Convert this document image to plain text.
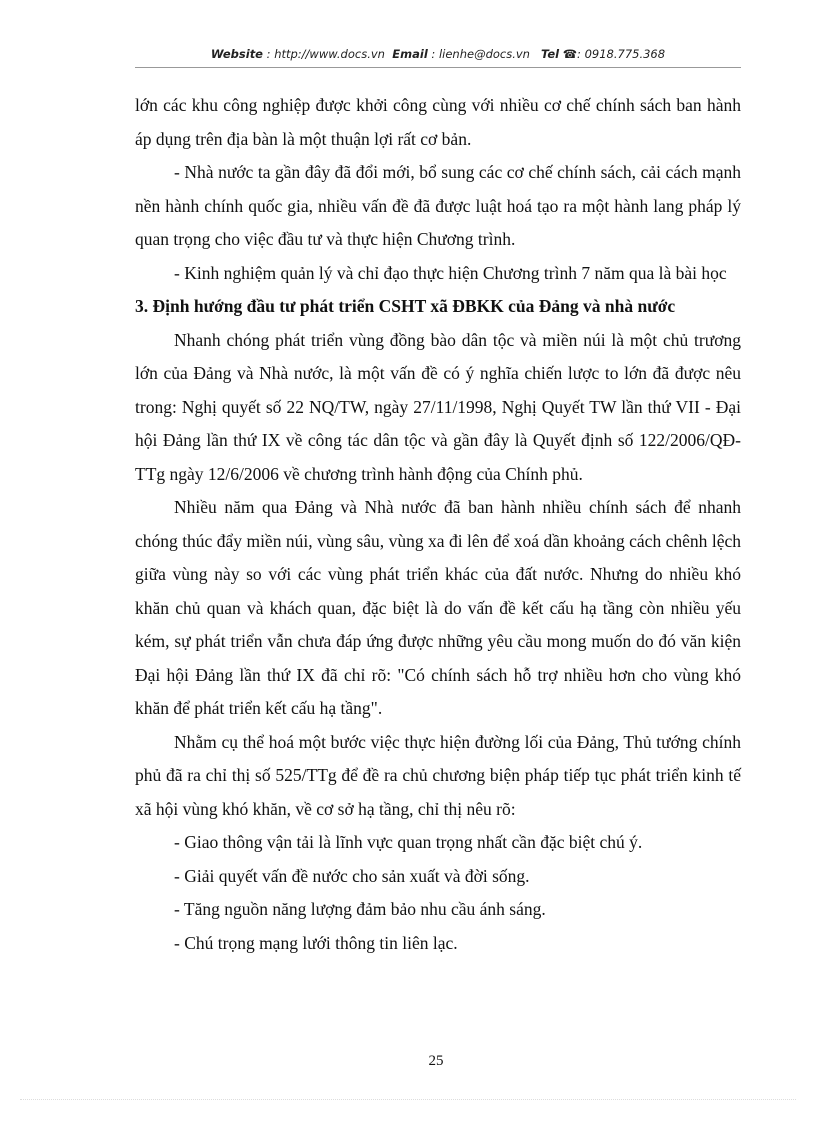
Website : http://www.docs.vn Email : lienhe@docs.vn Tel ☎: 0918.775.368

lớn các khu công nghiệp được khởi công cùng với nhiều cơ chế chính sách ban hành áp dụng trên địa bàn là một thuận lợi rất cơ bản.

- Nhà nước ta gần đây đã đổi mới, bổ sung các cơ chế chính sách, cải cách mạnh nền hành chính quốc gia, nhiều vấn đề đã được luật hoá tạo ra một hành lang pháp lý quan trọng cho việc đầu tư và thực hiện Chương trình.

- Kinh nghiệm quản lý và chỉ đạo thực hiện Chương trình 7 năm qua là bài học

3. Định hướng đầu tư phát triển CSHT xã ĐBKK của Đảng và nhà nước

Nhanh chóng phát triển vùng đồng bào dân tộc và miền núi là một chủ trương lớn của Đảng và Nhà nước, là một vấn đề có ý nghĩa chiến lược to lớn đã được nêu trong: Nghị quyết số 22 NQ/TW, ngày 27/11/1998, Nghị Quyết TW lần thứ VII - Đại hội Đảng lần thứ IX về công tác dân tộc và gần đây là Quyết định số 122/2006/QĐ-TTg ngày 12/6/2006 về chương trình hành động của Chính phủ.

Nhiều năm qua Đảng và Nhà nước đã ban hành nhiều chính sách để nhanh chóng thúc đẩy miền núi, vùng sâu, vùng xa đi lên để xoá dần khoảng cách chênh lệch giữa vùng này so với các vùng phát triển khác của đất nước. Nhưng do nhiều khó khăn chủ quan và khách quan, đặc biệt là do vấn đề kết cấu hạ tầng còn nhiều yếu kém, sự phát triển vẫn chưa đáp ứng được những yêu cầu mong muốn do đó văn kiện Đại hội Đảng lần thứ IX đã chỉ rõ: "Có chính sách hỗ trợ nhiều hơn cho vùng khó khăn để phát triển kết cấu hạ tầng".

Nhằm cụ thể hoá một bước việc thực hiện đường lối của Đảng, Thủ tướng chính phủ đã ra chỉ thị số 525/TTg để đề ra chủ chương biện pháp tiếp tục phát triển kinh tế xã hội vùng khó khăn, về cơ sở hạ tầng, chỉ thị nêu rõ:

- Giao thông vận tải là lĩnh vực quan trọng nhất cần đặc biệt chú ý.

- Giải quyết vấn đề nước cho sản xuất và đời sống.

- Tăng nguồn năng lượng đảm bảo nhu cầu ánh sáng.

- Chú trọng mạng lưới thông tin liên lạc.

25
